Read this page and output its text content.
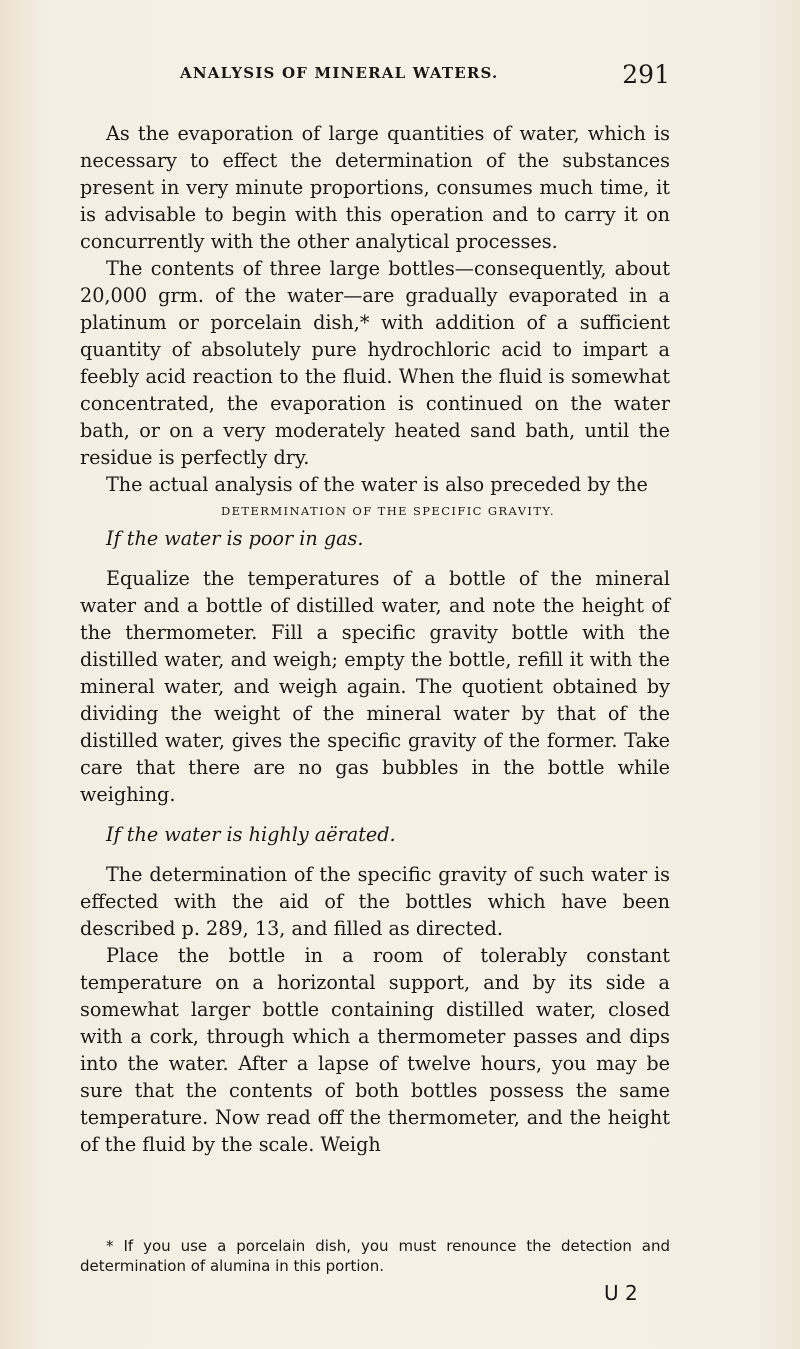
ANALYSIS OF MINERAL WATERS.	291

As the evaporation of large quantities of water, which is necessary to effect the determination of the substances present in very minute proportions, consumes much time, it is advisable to begin with this operation and to carry it on concurrently with the other analytical processes.

The contents of three large bottles—consequently, about 20,000 grm. of the water—are gradually evaporated in a platinum or porcelain dish,* with addition of a sufficient quantity of absolutely pure hydrochloric acid to impart a feebly acid reaction to the fluid. When the fluid is somewhat concentrated, the evaporation is continued on the water bath, or on a very moderately heated sand bath, until the residue is perfectly dry.

The actual analysis of the water is also preceded by the

DETERMINATION OF THE SPECIFIC GRAVITY.

If the water is poor in gas.

Equalize the temperatures of a bottle of the mineral water and a bottle of distilled water, and note the height of the thermometer. Fill a specific gravity bottle with the distilled water, and weigh; empty the bottle, refill it with the mineral water, and weigh again. The quotient obtained by dividing the weight of the mineral water by that of the distilled water, gives the specific gravity of the former. Take care that there are no gas bubbles in the bottle while weighing.

If the water is highly aërated.

The determination of the specific gravity of such water is effected with the aid of the bottles which have been described p. 289, 13, and filled as directed.

Place the bottle in a room of tolerably constant temperature on a horizontal support, and by its side a somewhat larger bottle containing distilled water, closed with a cork, through which a thermometer passes and dips into the water. After a lapse of twelve hours, you may be sure that the contents of both bottles possess the same temperature. Now read off the thermometer, and the height of the fluid by the scale. Weigh

* If you use a porcelain dish, you must renounce the detection and determination of alumina in this portion.

U 2
